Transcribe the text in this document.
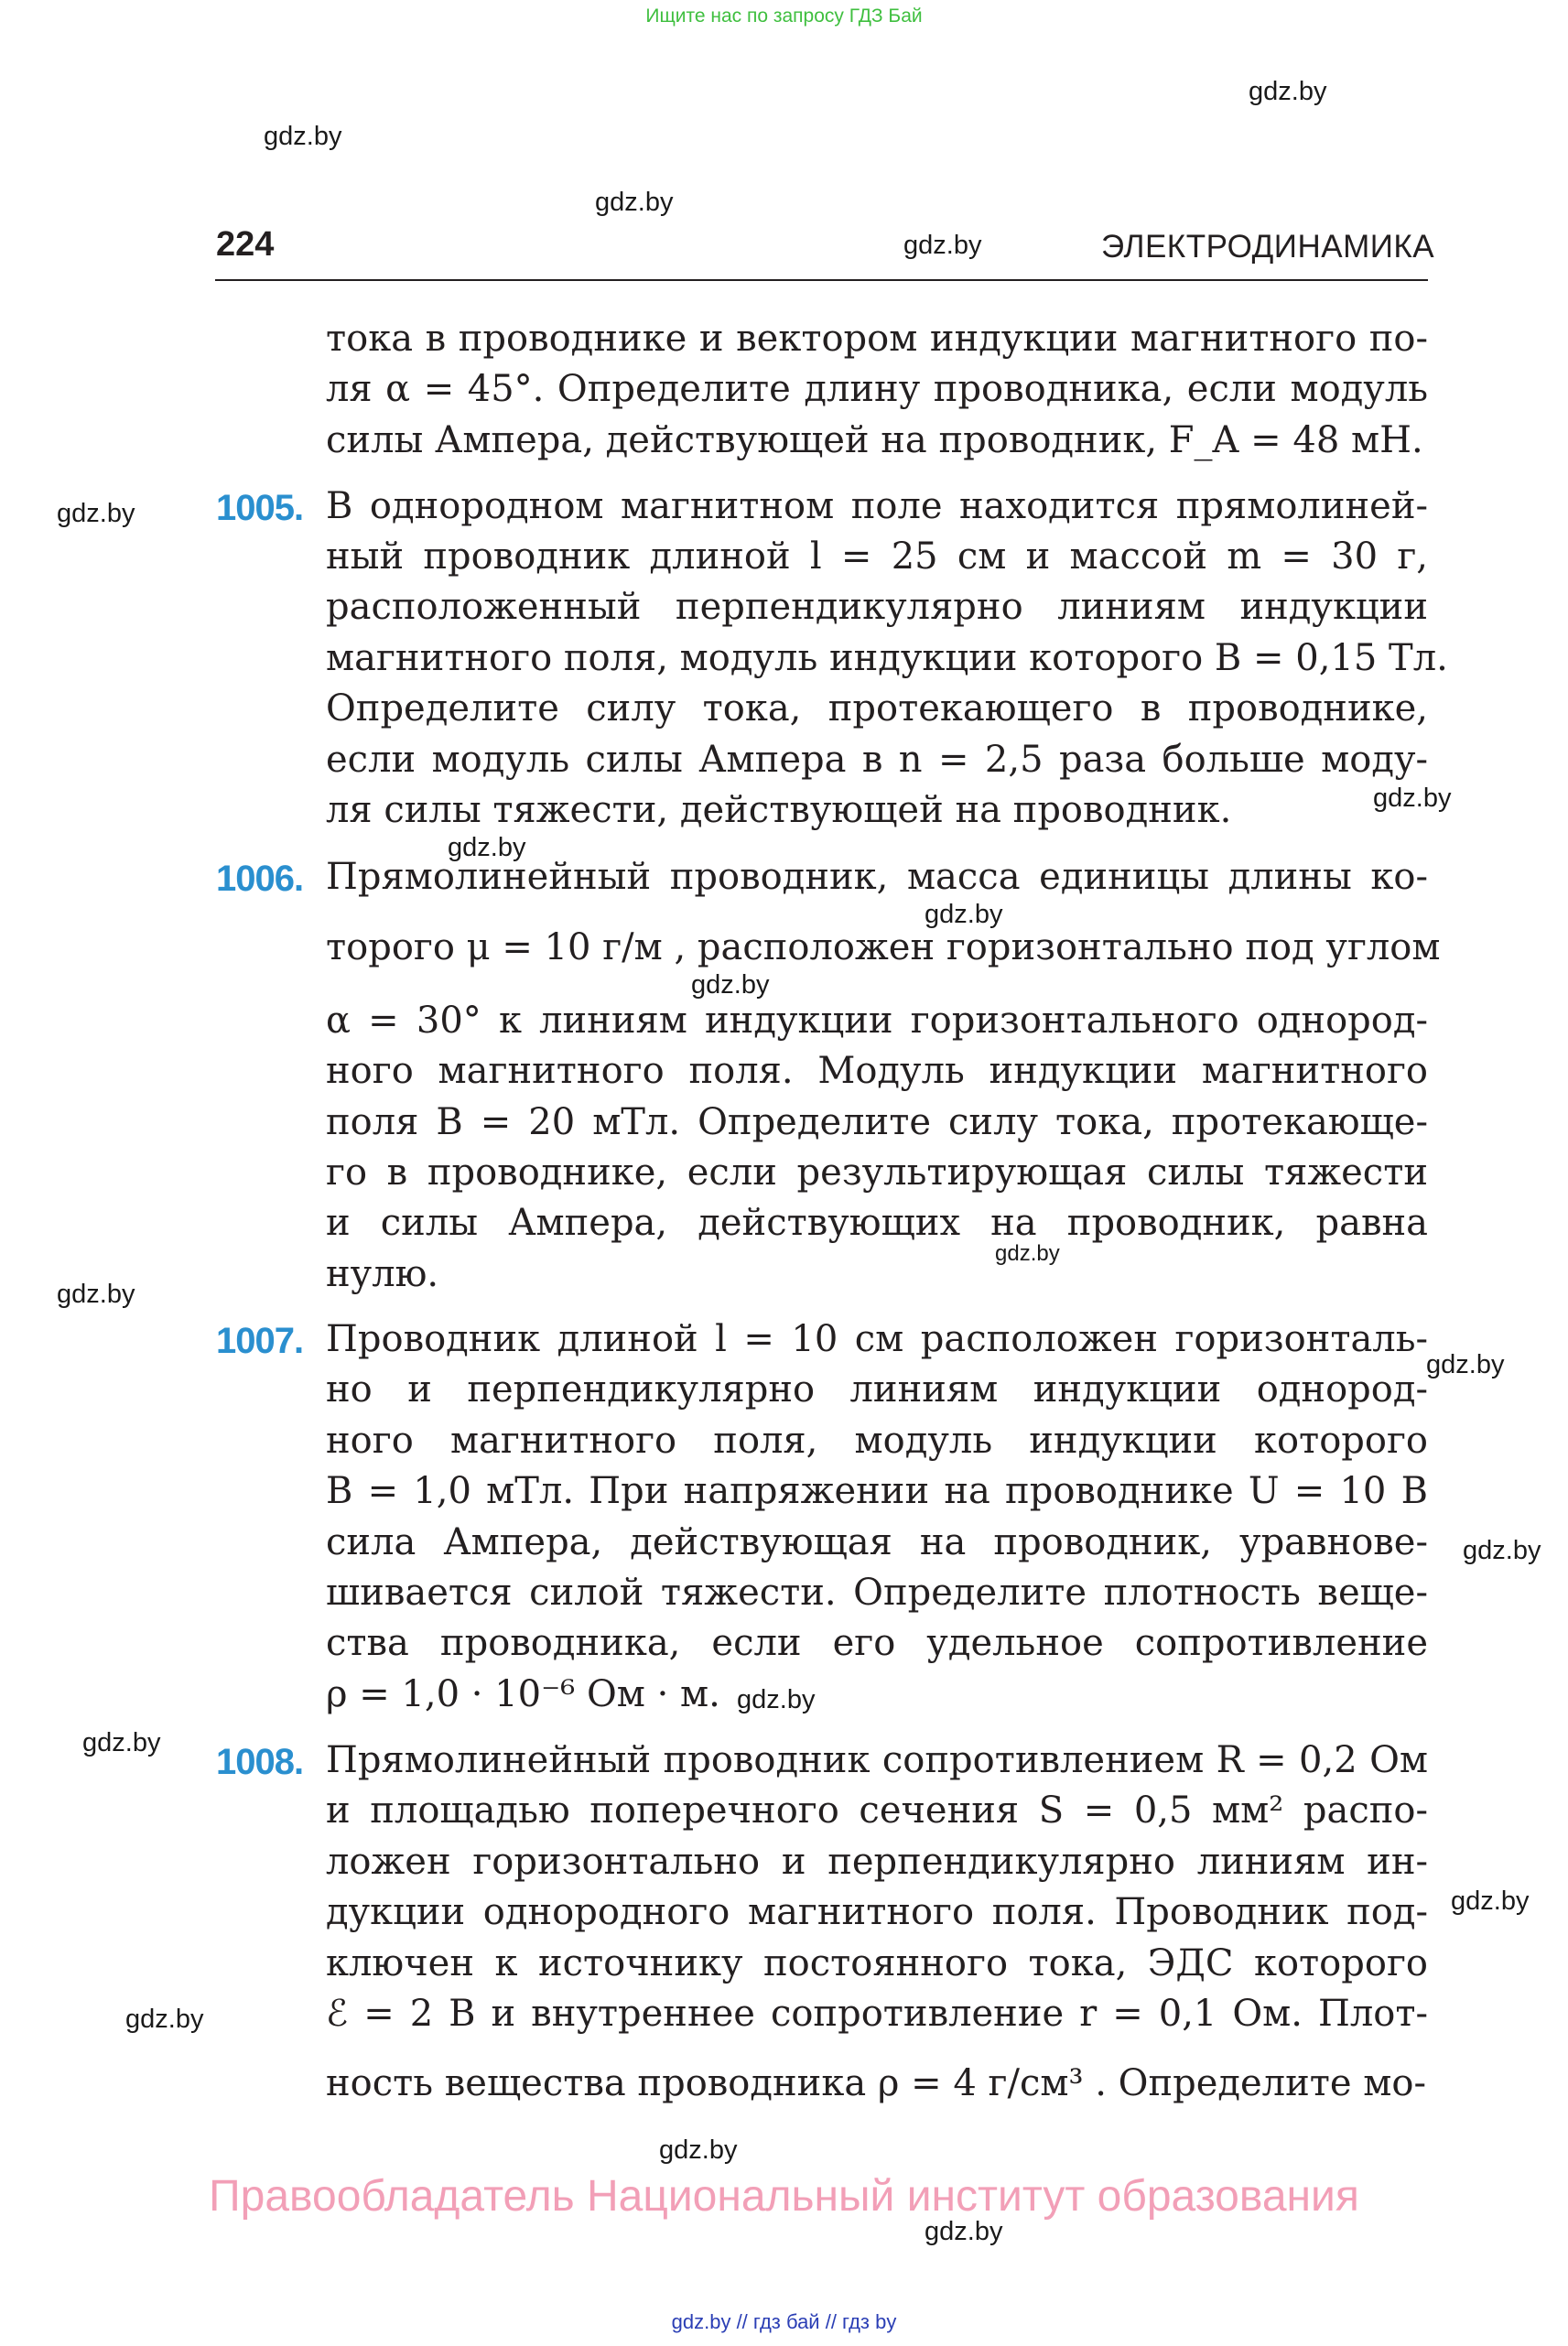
Ищите нас по запросу ГДЗ Бай
gdz.by
gdz.by
gdz.by
gdz.by
gdz.by
gdz.by
gdz.by
gdz.by
gdz.by
gdz.by
gdz.by
gdz.by
gdz.by
gdz.by
gdz.by
gdz.by
gdz.by
gdz.by
gdz.by
224	ЭЛЕКТРОДИНАМИКА
тока в проводнике и вектором индукции магнитного по-
ля α = 45°. Определите длину проводника, если модуль
силы Ампера, действующей на проводник, F_A = 48 мН.
1005. В однородном магнитном поле находится прямолиней-
ный проводник длиной l = 25 см и массой m = 30 г,
расположенный перпендикулярно линиям индукции
магнитного поля, модуль индукции которого B = 0,15 Тл.
Определите силу тока, протекающего в проводнике,
если модуль силы Ампера в n = 2,5 раза больше моду-
ля силы тяжести, действующей на проводник.
1006. Прямолинейный проводник, масса единицы длины ко-
торого μ = 10 г/м , расположен горизонтально под углом
α = 30° к линиям индукции горизонтального однород-
ного магнитного поля. Модуль индукции магнитного
поля B = 20 мТл. Определите силу тока, протекающе-
го в проводнике, если результирующая силы тяжести
и силы Ампера, действующих на проводник, равна
нулю.
1007. Проводник длиной l = 10 см расположен горизонталь-
но и перпендикулярно линиям индукции однород-
ного магнитного поля, модуль индукции которого
B = 1,0 мТл. При напряжении на проводнике U = 10 В
сила Ампера, действующая на проводник, уравнове-
шивается силой тяжести. Определите плотность веще-
ства проводника, если его удельное сопротивление
ρ = 1,0 · 10⁻⁶ Ом · м.
1008. Прямолинейный проводник сопротивлением R = 0,2 Ом
и площадью поперечного сечения S = 0,5 мм² распо-
ложен горизонтально и перпендикулярно линиям ин-
дукции однородного магнитного поля. Проводник под-
ключен к источнику постоянного тока, ЭДС которого
ℰ = 2 В и внутреннее сопротивление r = 0,1 Ом. Плот-
ность вещества проводника ρ = 4 г/см³ . Определите мо-
Правообладатель Национальный институт образования
gdz.by // гдз бай // гдз by
